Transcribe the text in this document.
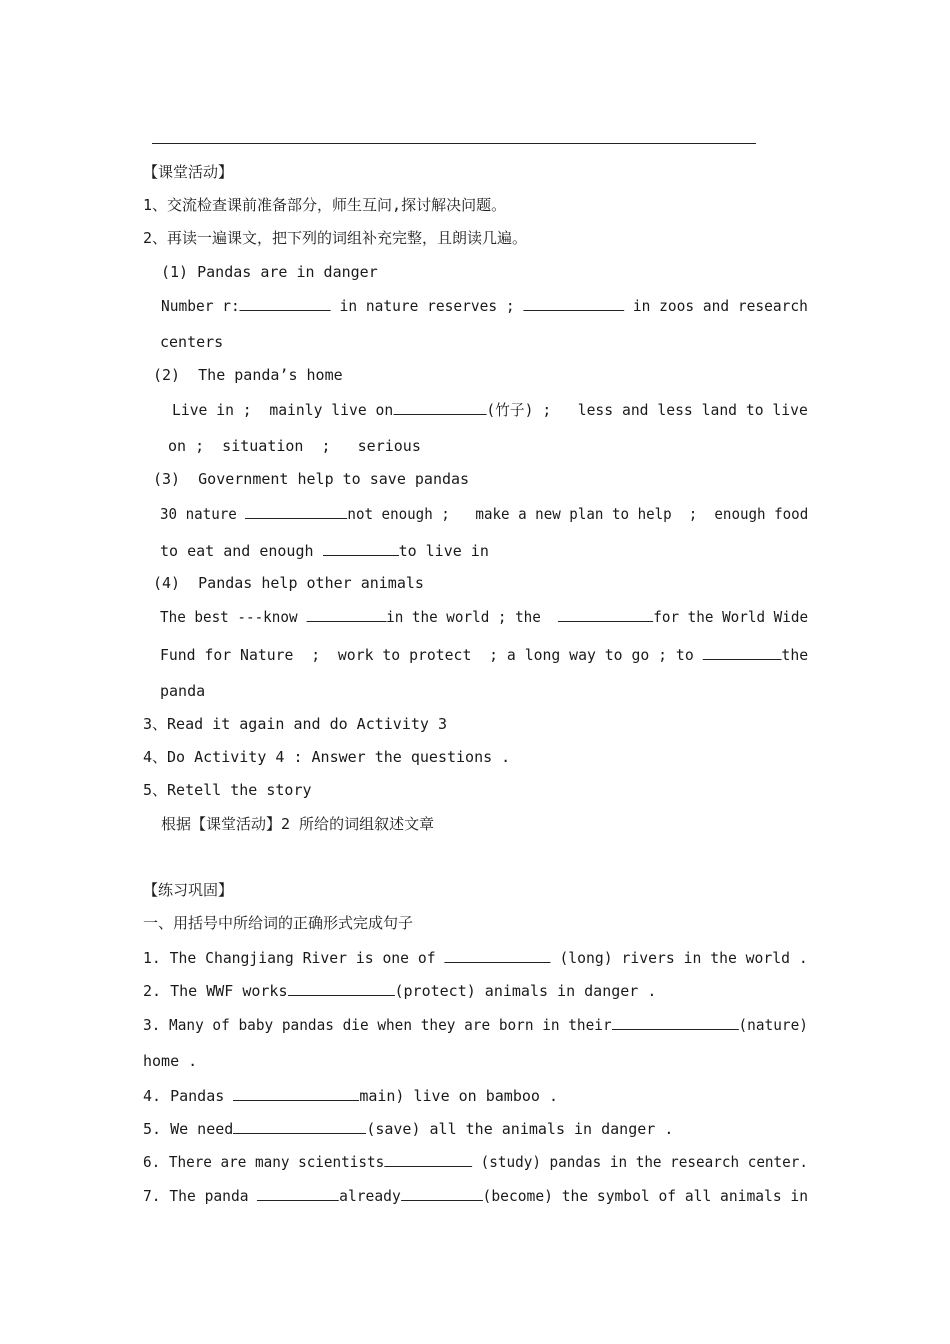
【课堂活动】
1、交流检查课前准备部分，师生互问,探讨解决问题。
2、再读一遍课文，把下列的词组补充完整，且朗读几遍。
(1) Pandas are in danger
Number r:	in nature reserves ;	in zoos and research
centers
(2)  The panda’s home
Live in ;  mainly live on	(竹子) ;   less and less land to live
on ;  situation  ;   serious
(3)  Government help to save pandas
30 nature	not enough ;   make a new plan to help  ;  enough food
to eat and enough	to live in
(4)  Pandas help other animals
The best ---know	in the world ; the	for the World Wide
Fund for Nature  ;  work to protect  ; a long way to go ; to	the
panda
3、Read it again and do Activity 3
4、Do Activity 4 : Answer the questions .
5、Retell the story
根据【课堂活动】2 所给的词组叙述文章
【练习巩固】
一、用括号中所给词的正确形式完成句子
1. The Changjiang River is one of	(long) rivers in the world .
2. The WWF works	(protect) animals in danger .
3. Many of baby pandas die when they are born in their	(nature)
home .
4. Pandas	main) live on bamboo .
5. We need	(save) all the animals in danger .
6. There are many scientists	(study) pandas in the research center.
7. The panda	already	(become) the symbol of all animals in
